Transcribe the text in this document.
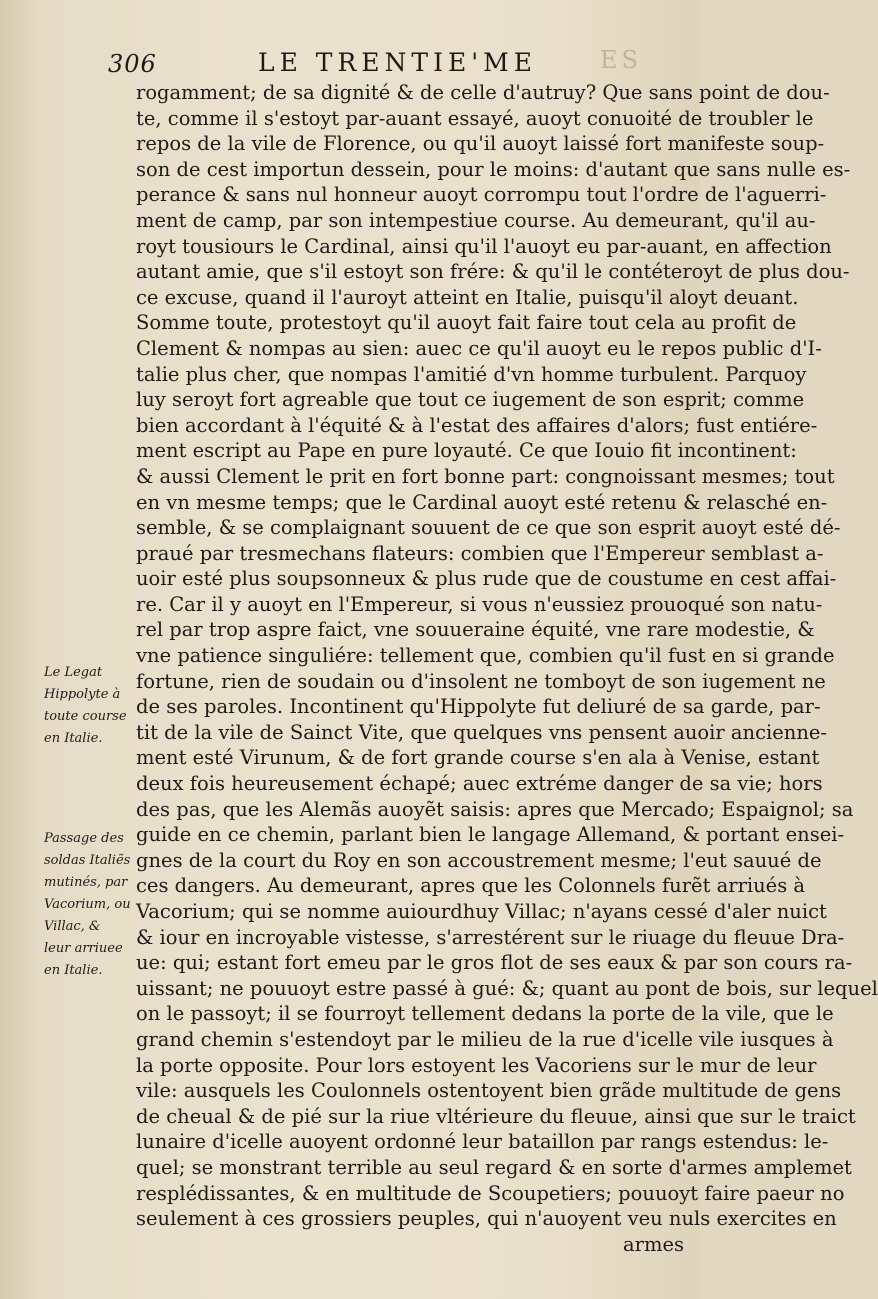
306	LE TRENTIE'ME	ES
rogamment; de sa dignité & de celle d'autruy? Que sans point de dou-
te, comme il s'estoyt par-auant essayé, auoyt conuoité de troubler le
repos de la vile de Florence, ou qu'il auoyt laissé fort manifeste soup-
son de cest importun dessein, pour le moins: d'autant que sans nulle es-
perance & sans nul honneur auoyt corrompu tout l'ordre de l'aguerri-
ment de camp, par son intempestiue course. Au demeurant, qu'il au-
royt tousiours le Cardinal, ainsi qu'il l'auoyt eu par-auant, en affection
autant amie, que s'il estoyt son frére: & qu'il le contéteroyt de plus dou-
ce excuse, quand il l'auroyt atteint en Italie, puisqu'il aloyt deuant.
Somme toute, protestoyt qu'il auoyt fait faire tout cela au profit de
Clement & nompas au sien: auec ce qu'il auoyt eu le repos public d'I-
talie plus cher, que nompas l'amitié d'vn homme turbulent. Parquoy
luy seroyt fort agreable que tout ce iugement de son esprit; comme
bien accordant à l'équité & à l'estat des affaires d'alors; fust entiére-
ment escript au Pape en pure loyauté. Ce que Iouio fit incontinent:
& aussi Clement le prit en fort bonne part: congnoissant mesmes; tout
en vn mesme temps; que le Cardinal auoyt esté retenu & relasché en-
semble, & se complaignant souuent de ce que son esprit auoyt esté dé-
praué par tresmechans flateurs: combien que l'Empereur semblast a-
uoir esté plus soupsonneux & plus rude que de coustume en cest affai-
re. Car il y auoyt en l'Empereur, si vous n'eussiez prouoqué son natu-
rel par trop aspre faict, vne souueraine équité, vne rare modestie, &
vne patience singuliére: tellement que, combien qu'il fust en si grande
fortune, rien de soudain ou d'insolent ne tomboyt de son iugement ne
de ses paroles. Incontinent qu'Hippolyte fut deliuré de sa garde, par-
tit de la vile de Sainct Vite, que quelques vns pensent auoir ancienne-
ment esté Virunum, & de fort grande course s'en ala à Venise, estant
deux fois heureusement échapé; auec extréme danger de sa vie; hors
des pas, que les Alemãs auoyẽt saisis: apres que Mercado; Espaignol; sa
guide en ce chemin, parlant bien le langage Allemand, & portant ensei-
gnes de la court du Roy en son accoustrement mesme; l'eut sauué de
ces dangers. Au demeurant, apres que les Colonnels furẽt arriués à
Vacorium; qui se nomme auiourdhuy Villac; n'ayans cessé d'aler nuict
& iour en incroyable vistesse, s'arrestérent sur le riuage du fleuue Dra-
ue: qui; estant fort emeu par le gros flot de ses eaux & par son cours ra-
uissant; ne pouuoyt estre passé à gué: &; quant au pont de bois, sur lequel
on le passoyt; il se fourroyt tellement dedans la porte de la vile, que le
grand chemin s'estendoyt par le milieu de la rue d'icelle vile iusques à
la porte opposite. Pour lors estoyent les Vacoriens sur le mur de leur
vile: ausquels les Coulonnels ostentoyent bien grãde multitude de gens
de cheual & de pié sur la riue vltérieure du fleuue, ainsi que sur le traict
lunaire d'icelle auoyent ordonné leur bataillon par rangs estendus: le-
quel; se monstrant terrible au seul regard & en sorte d'armes amplemet
resplédissantes, & en multitude de Scoupetiers; pouuoyt faire paeur no
seulement à ces grossiers peuples, qui n'auoyent veu nuls exercites en
armes
Le Legat
Hippolyte à
toute course
en Italie.
Passage des
soldas Italiẽs
mutinés, par
Vacorium, ou
Villac, &
leur arriuee
en Italie.
